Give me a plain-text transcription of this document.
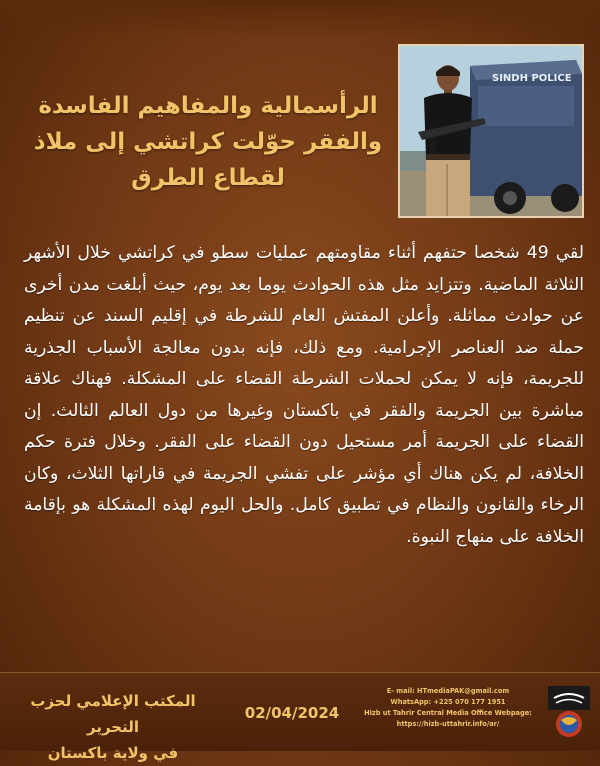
الرأسمالية والمفاهيم الفاسدة والفقر حوّلت كراتشي إلى ملاذ لقطاع الطرق
SINDH POLICE

لقي 49 شخصا حتفهم أثناء مقاومتهم عمليات سطو في كراتشي خلال الأشهر الثلاثة الماضية. وتتزايد مثل هذه الحوادث يوما بعد يوم، حيث أبلغت مدن أخرى عن حوادث مماثلة. وأعلن المفتش العام للشرطة في إقليم السند عن تنظيم حملة ضد العناصر الإجرامية. ومع ذلك، فإنه بدون معالجة الأسباب الجذرية للجريمة، فإنه لا يمكن لحملات الشرطة القضاء على المشكلة. فهناك علاقة مباشرة بين الجريمة والفقر في باكستان وغيرها من دول العالم الثالث. إن القضاء على الجريمة أمر مستحيل دون القضاء على الفقر. وخلال فترة حكم الخلافة، لم يكن هناك أي مؤشر على تفشي الجريمة في قاراتها الثلاث، وكان الرخاء والقانون والنظام في تطبيق كامل. والحل اليوم لهذه المشكلة هو بإقامة الخلافة على منهاج النبوة.

المكتب الإعلامي لحزب التحرير
في ولاية باكستان
02/04/2024
E- mail: HTmediaPAK@gmail.com
WhatsApp: +225 070 177 1951
Hizb ut Tahrir Central Media Office Webpage:
https://hizb-uttahrir.info/ar/
